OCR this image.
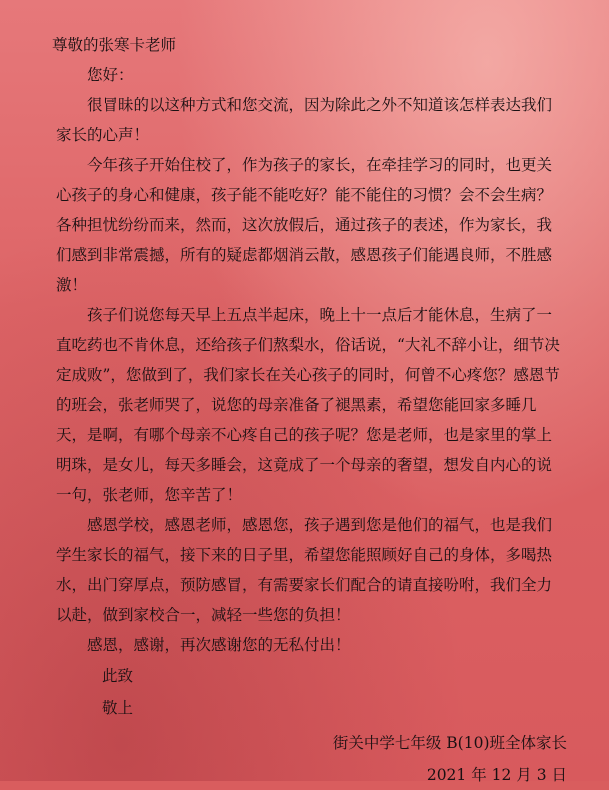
尊敬的张寒卡老师

您好：

很冒昧的以这种方式和您交流，因为除此之外不知道该怎样表达我们家长的心声！

今年孩子开始住校了，作为孩子的家长，在牵挂学习的同时，也更关心孩子的身心和健康，孩子能不能吃好？能不能住的习惯？会不会生病？各种担忧纷纷而来，然而，这次放假后，通过孩子的表述，作为家长，我们感到非常震撼，所有的疑虑都烟消云散，感恩孩子们能遇良师，不胜感激！

孩子们说您每天早上五点半起床，晚上十一点后才能休息，生病了一直吃药也不肯休息，还给孩子们熬梨水，俗话说，“大礼不辞小让，细节决定成败”，您做到了，我们家长在关心孩子的同时，何曾不心疼您？感恩节的班会，张老师哭了，说您的母亲准备了褪黑素，希望您能回家多睡几天，是啊，有哪个母亲不心疼自己的孩子呢？您是老师，也是家里的掌上明珠，是女儿，每天多睡会，这竟成了一个母亲的奢望，想发自内心的说一句，张老师，您辛苦了！

感恩学校，感恩老师，感恩您，孩子遇到您是他们的福气，也是我们学生家长的福气，接下来的日子里，希望您能照顾好自己的身体，多喝热水，出门穿厚点，预防感冒，有需要家长们配合的请直接吩咐，我们全力以赴，做到家校合一，减轻一些您的负担！

感恩，感谢，再次感谢您的无私付出！

此致

敬上

街关中学七年级 B(10)班全体家长

2021 年 12 月 3 日
